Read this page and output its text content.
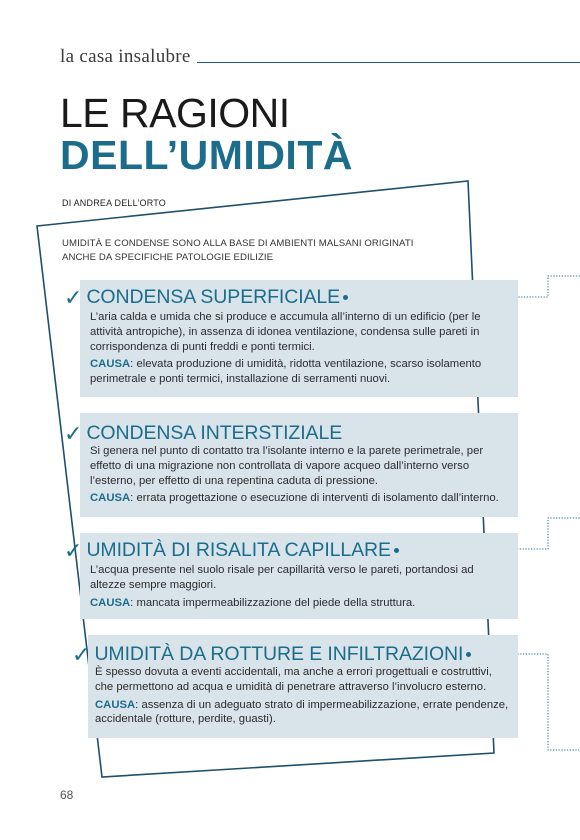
la casa insalubre
LE RAGIONI
DELL’UMIDITÀ
DI ANDREA DELL’ORTO
UMIDITÀ E CONDENSE SONO ALLA BASE DI AMBIENTI MALSANI ORIGINATI
ANCHE DA SPECIFICHE PATOLOGIE EDILIZIE
✓ CONDENSA SUPERFICIALE

L’aria calda e umida che si produce e accumula all’interno di un edificio (per le attività antropiche), in assenza di idonea ventilazione, condensa sulle pareti in corrispondenza di punti freddi e ponti termici.

CAUSA: elevata produzione di umidità, ridotta ventilazione, scarso isolamento perimetrale e ponti termici, installazione di serramenti nuovi.

✓ CONDENSA INTERSTIZIALE

Si genera nel punto di contatto tra l’isolante interno e la parete perimetrale, per effetto di una migrazione non controllata di vapore acqueo dall’interno verso l’esterno, per effetto di una repentina caduta di pressione.

CAUSA: errata progettazione o esecuzione di interventi di isolamento dall’interno.

✓ UMIDITÀ DI RISALITA CAPILLARE

L’acqua presente nel suolo risale per capillarità verso le pareti, portandosi ad altezze sempre maggiori.

CAUSA: mancata impermeabilizzazione del piede della struttura.

✓ UMIDITÀ DA ROTTURE E INFILTRAZIONI

È spesso dovuta a eventi accidentali, ma anche a errori progettuali e costruttivi, che permettono ad acqua e umidità di penetrare attraverso l’involucro esterno.

CAUSA: assenza di un adeguato strato di impermeabilizzazione, errate pendenze, accidentale (rotture, perdite, guasti).

68
